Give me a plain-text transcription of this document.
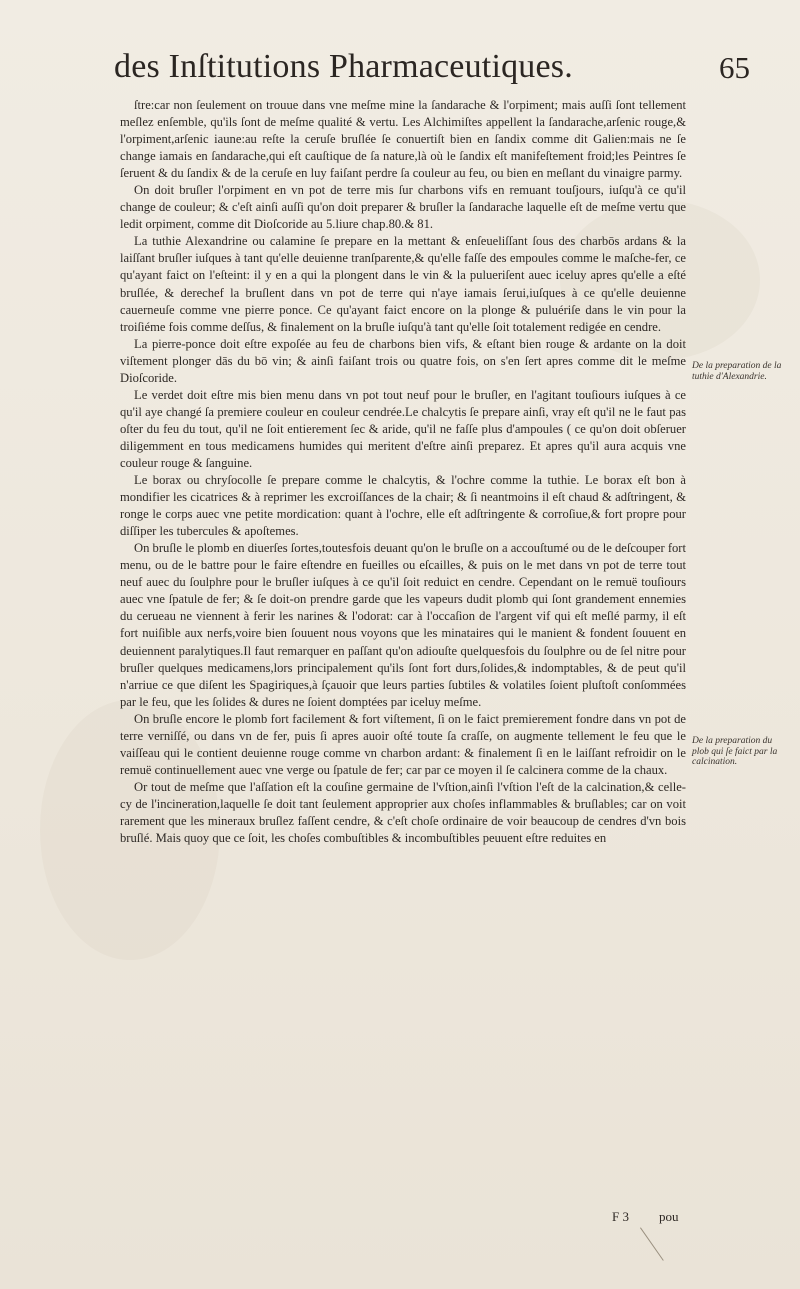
des Inſtitutions Pharmaceutiques.	65

ſtre:car non ſeulement on trouue dans vne meſme mine la ſandarache & l'orpiment; mais auſſi ſont tellement meſlez enſemble, qu'ils ſont de meſme qualité & vertu. Les Alchimiſtes appellent la ſandarache,arſenic rouge,& l'orpiment,arſenic iaune:au reſte la ceruſe bruſlée ſe conuertiſt bien en ſandix comme dit Galien:mais ne ſe change iamais en ſandarache,qui eſt cauſtique de ſa nature,là où le ſandix eſt manifeſtement froid;les Peintres ſe ſeruent & du ſandix & de la ceruſe en luy faiſant perdre ſa couleur au feu, ou bien en meſlant du vinaigre parmy.

On doit bruſler l'orpiment en vn pot de terre mis ſur charbons vifs en remuant touſjours, iuſqu'à ce qu'il change de couleur; & c'eſt ainſi auſſi qu'on doit preparer & bruſler la ſandarache laquelle eſt de meſme vertu que ledit orpiment, comme dit Dioſcoride au 5.liure chap.80.& 81.

La tuthie Alexandrine ou calamine ſe prepare en la mettant & enſeueliſſant ſous des charbōs ardans & la laiſſant bruſler iuſques à tant qu'elle deuienne tranſparente,& qu'elle faſſe des empoules comme le maſche-fer, ce qu'ayant faict on l'eſteint: il y en a qui la plongent dans le vin & la pulueriſent auec iceluy apres qu'elle a eſté bruſlée, & derechef la bruſlent dans vn pot de terre qui n'aye iamais ſerui,iuſques à ce qu'elle deuienne cauerneuſe comme vne pierre ponce. Ce qu'ayant faict encore on la plonge & puluériſe dans le vin pour la troiſiéme fois comme deſſus, & finalement on la bruſle iuſqu'à tant qu'elle ſoit totalement redigée en cendre.

La pierre-ponce doit eſtre expoſée au feu de charbons bien vifs, & eſtant bien rouge & ardante on la doit viſtement plonger dās du bō vin; & ainſi faiſant trois ou quatre fois, on s'en ſert apres comme dit le meſme Dioſcoride.

Le verdet doit eſtre mis bien menu dans vn pot tout neuf pour le bruſler, en l'agitant touſiours iuſques à ce qu'il aye changé ſa premiere couleur en couleur cendrée.Le chalcytis ſe prepare ainſi, vray eſt qu'il ne le faut pas oſter du feu du tout, qu'il ne ſoit entierement ſec & aride, qu'il ne faſſe plus d'ampoules ( ce qu'on doit obſeruer diligemment en tous medicamens humides qui meritent d'eſtre ainſi preparez. Et apres qu'il aura acquis vne couleur rouge & ſanguine.

Le borax ou chryſocolle ſe prepare comme le chalcytis, & l'ochre comme la tuthie. Le borax eſt bon à mondifier les cicatrices & à reprimer les excroiſſances de la chair; & ſi neantmoins il eſt chaud & adſtringent, & ronge le corps auec vne petite mordication: quant à l'ochre, elle eſt adſtringente & corroſiue,& fort propre pour diſſiper les tubercules & apoſtemes.

On bruſle le plomb en diuerſes ſortes,toutesfois deuant qu'on le bruſle on a accouſtumé ou de le deſcouper fort menu, ou de le battre pour le faire eſtendre en fueilles ou eſcailles, & puis on le met dans vn pot de terre tout neuf auec du ſoulphre pour le bruſler iuſques à ce qu'il ſoit reduict en cendre. Cependant on le remuë touſiours auec vne ſpatule de fer; & ſe doit-on prendre garde que les vapeurs dudit plomb qui ſont grandement ennemies du cerueau ne viennent à ferir les narines & l'odorat: car à l'occaſion de l'argent vif qui eſt meſlé parmy, il eſt fort nuiſible aux nerfs,voire bien ſouuent nous voyons que les minataires qui le manient & fondent ſouuent en deuiennent paralytiques.Il faut remarquer en paſſant qu'on adiouſte quelquesfois du ſoulphre ou de ſel nitre pour bruſler quelques medicamens,lors principalement qu'ils ſont fort durs,ſolides,& indomptables, & de peut qu'il n'arriue ce que diſent les Spagiriques,à ſçauoir que leurs parties ſubtiles & volatiles ſoient pluſtoſt conſommées par le feu, que les ſolides & dures ne ſoient domptées par iceluy meſme.

On bruſle encore le plomb fort facilement & fort viſtement, ſi on le faict premierement fondre dans vn pot de terre verniſſé, ou dans vn de fer, puis ſi apres auoir oſté toute ſa craſſe, on augmente tellement le feu que le vaiſſeau qui le contient deuienne rouge comme vn charbon ardant: & finalement ſi en le laiſſant refroidir on le remuë continuellement auec vne verge ou ſpatule de fer; car par ce moyen il ſe calcinera comme de la chaux.

Or tout de meſme que l'aſſation eſt la couſine germaine de l'vſtion,ainſi l'vſtion l'eſt de la calcination,& celle-cy de l'incineration,laquelle ſe doit tant ſeulement approprier aux choſes inflammables & bruſlables; car on voit rarement que les mineraux bruſlez faſſent cendre, & c'eſt choſe ordinaire de voir beaucoup de cendres d'vn bois bruſlé. Mais quoy que ce ſoit, les choſes combuſtibles & incombuſtibles peuuent eſtre reduites en

De la preparation de la tuthie d'Alexandrie.
De la preparation du plob qui ſe faict par la calcination.
F 3 pou
